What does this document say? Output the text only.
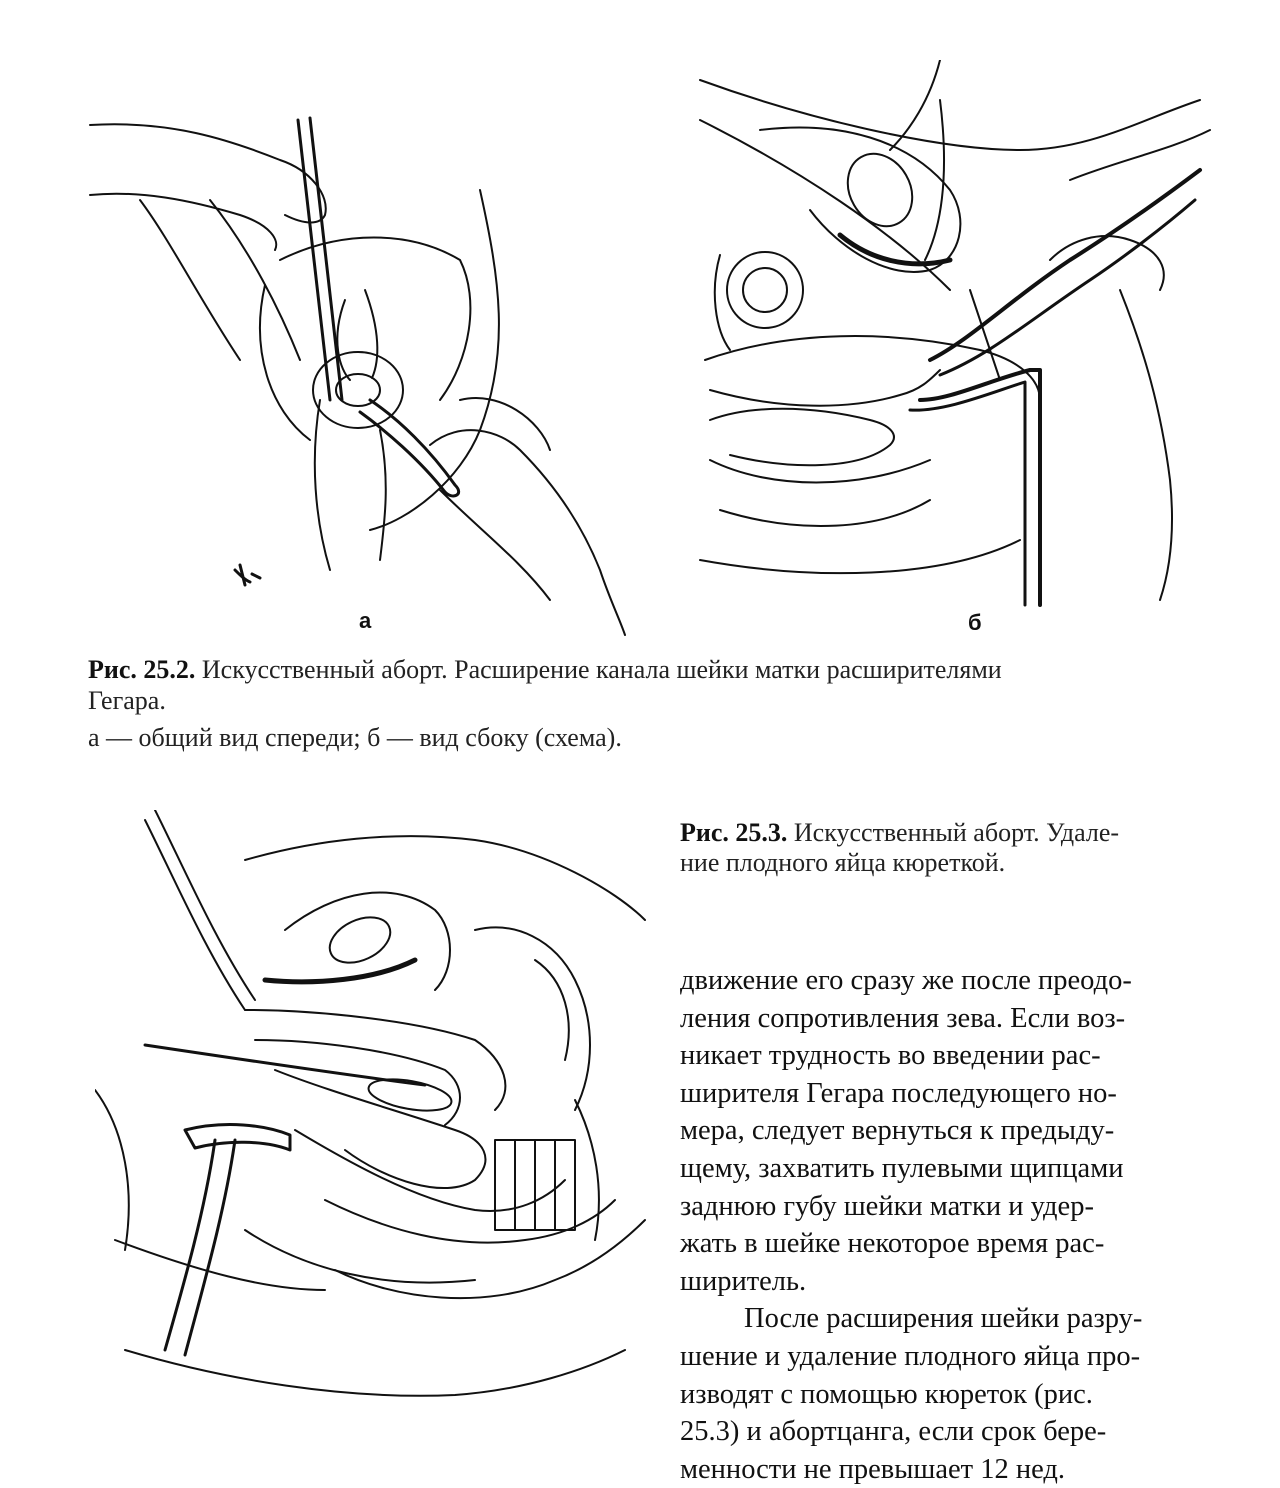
а	б
Рис. 25.2. Искусственный аборт. Расширение канала шейки матки расширителями
Гегара.
а — общий вид спереди; б — вид сбоку (схема).
Рис. 25.3. Искусственный аборт. Удале-
ние плодного яйца кюреткой.

движение его сразу же после преодо-
ления сопротивления зева. Если воз-
никает трудность во введении рас-
ширителя Гегара последующего но-
мера, следует вернуться к предыду-
щему, захватить пулевыми щипцами
заднюю губу шейки матки и удер-
жать в шейке некоторое время рас-
ширитель.

После расширения шейки разру-
шение и удаление плодного яйца про-
изводят с помощью кюреток (рис.
25.3) и абортцанга, если срок бере-
менности не превышает 12 нед.
